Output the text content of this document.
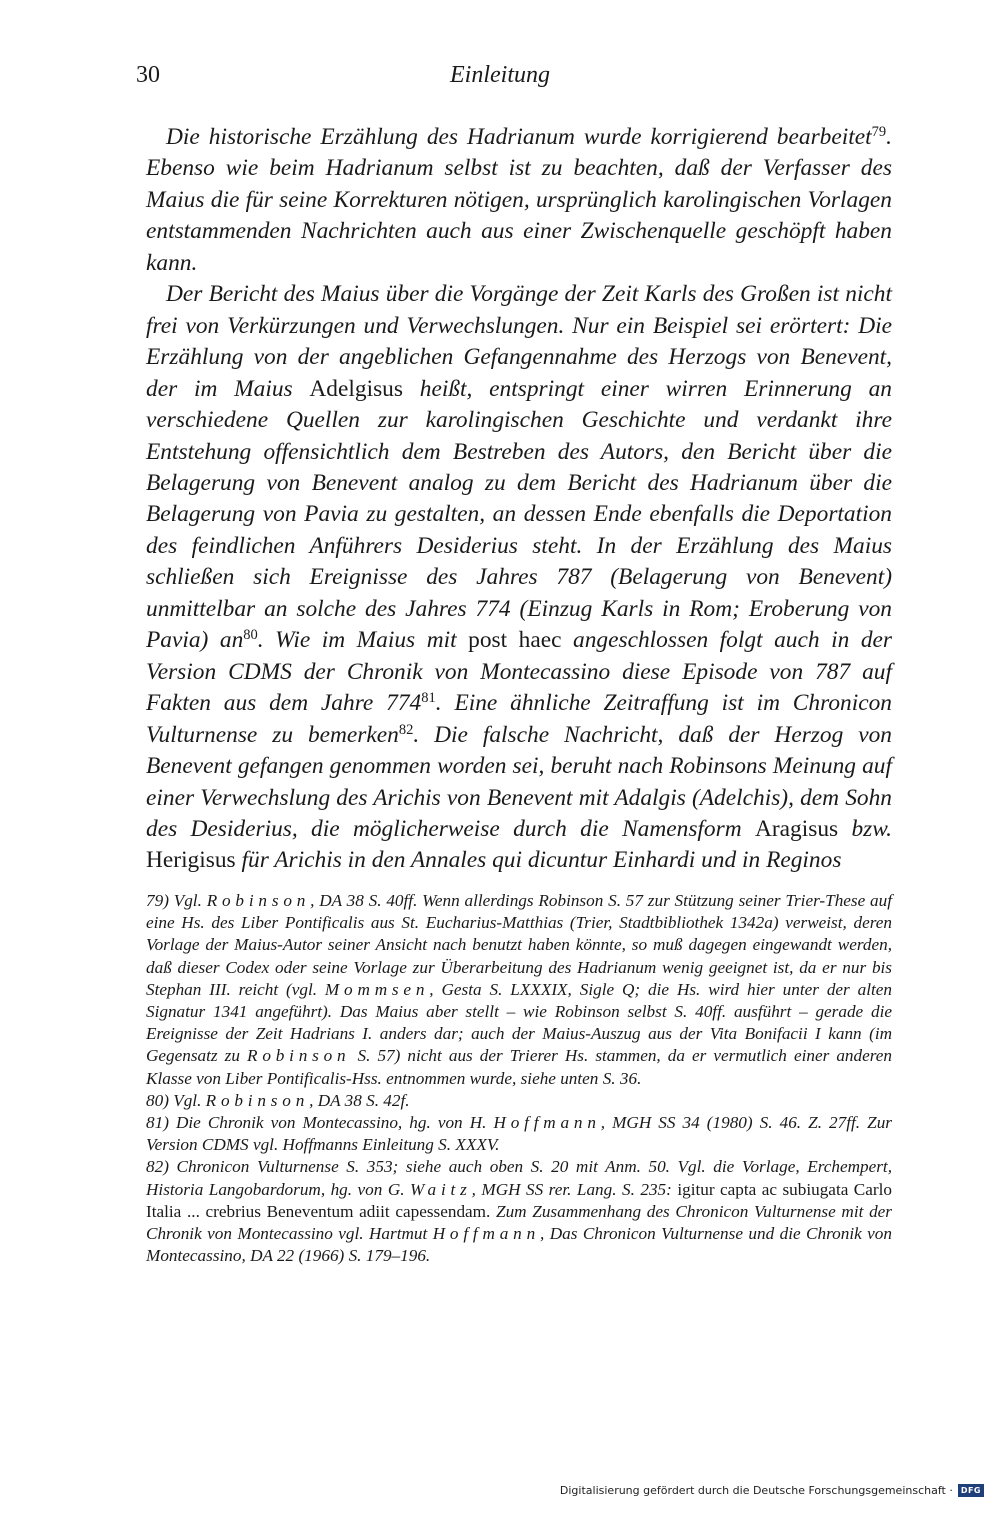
30	Einleitung

Die historische Erzählung des Hadrianum wurde korrigierend bearbeitet$^{79}$. Ebenso wie beim Hadrianum selbst ist zu beachten, daß der Verfasser des Maius die für seine Korrekturen nötigen, ursprünglich karolingischen Vorlagen entstammenden Nachrichten auch aus einer Zwischenquelle geschöpft haben kann.

Der Bericht des Maius über die Vorgänge der Zeit Karls des Großen ist nicht frei von Verkürzungen und Verwechslungen. Nur ein Beispiel sei erörtert: Die Erzählung von der angeblichen Gefangennahme des Herzogs von Benevent, der im Maius Adelgisus heißt, entspringt einer wirren Erinnerung an verschiedene Quellen zur karolingischen Geschichte und verdankt ihre Entstehung offensichtlich dem Bestreben des Autors, den Bericht über die Belagerung von Benevent analog zu dem Bericht des Hadrianum über die Belagerung von Pavia zu gestalten, an dessen Ende ebenfalls die Deportation des feindlichen Anführers Desiderius steht. In der Erzählung des Maius schließen sich Ereignisse des Jahres 787 (Belagerung von Benevent) unmittelbar an solche des Jahres 774 (Einzug Karls in Rom; Eroberung von Pavia) $an^{80}$. Wie im Maius mit post haec angeschlossen folgt auch in der Version CDMS der Chronik von Montecassino diese Episode von 787 auf Fakten aus dem Jahre $774^{81}$. Eine ähnliche Zeitraffung ist im Chronicon Vulturnense zu bemerken$^{82}$. Die falsche Nachricht, daß der Herzog von Benevent gefangen genommen worden sei, beruht nach Robinsons Meinung auf einer Verwechslung des Arichis von Benevent mit Adalgis (Adelchis), dem Sohn des Desiderius, die möglicherweise durch die Namensform Aragisus bzw. Herigisus für Arichis in den Annales qui dicuntur Einhardi und in Reginos

79) Vgl. Robinson, DA 38 S. 40ff. Wenn allerdings Robinson S. 57 zur Stützung seiner Trier-These auf eine Hs. des Liber Pontificalis aus St. Eucharius-Matthias (Trier, Stadtbibliothek 1342a) verweist, deren Vorlage der Maius-Autor seiner Ansicht nach benutzt haben könnte, so muß dagegen eingewandt werden, daß dieser Codex oder seine Vorlage zur Überarbeitung des Hadrianum wenig geeignet ist, da er nur bis Stephan III. reicht (vgl. Mommsen, Gesta S. LXXXIX, Sigle Q; die Hs. wird hier unter der alten Signatur 1341 angeführt). Das Maius aber stellt – wie Robinson selbst S. 40ff. ausführt – gerade die Ereignisse der Zeit Hadrians I. anders dar; auch der Maius-Auszug aus der Vita Bonifacii I kann (im Gegensatz zu Robinson S. 57) nicht aus der Trierer Hs. stammen, da er vermutlich einer anderen Klasse von Liber Pontificalis-Hss. entnommen wurde, siehe unten S. 36.

80) Vgl. Robinson, DA 38 S. 42f.

81) Die Chronik von Montecassino, hg. von H. Hoffmann, MGH SS 34 (1980) S. 46. Z. 27ff. Zur Version CDMS vgl. Hoffmanns Einleitung S. XXXV.

82) Chronicon Vulturnense S. 353; siehe auch oben S. 20 mit Anm. 50. Vgl. die Vorlage, Erchempert, Historia Langobardorum, hg. von G. Waitz, MGH SS rer. Lang. S. 235: igitur capta ac subiugata Carlo Italia ... crebrius Beneventum adiit capessendam. Zum Zusammenhang des Chronicon Vulturnense mit der Chronik von Montecassino vgl. Hartmut Hoffmann, Das Chronicon Vulturnense und die Chronik von Montecassino, DA 22 (1966) S. 179–196.

Digitalisierung gefördert durch die Deutsche Forschungsgemeinschaft ·	DFG
